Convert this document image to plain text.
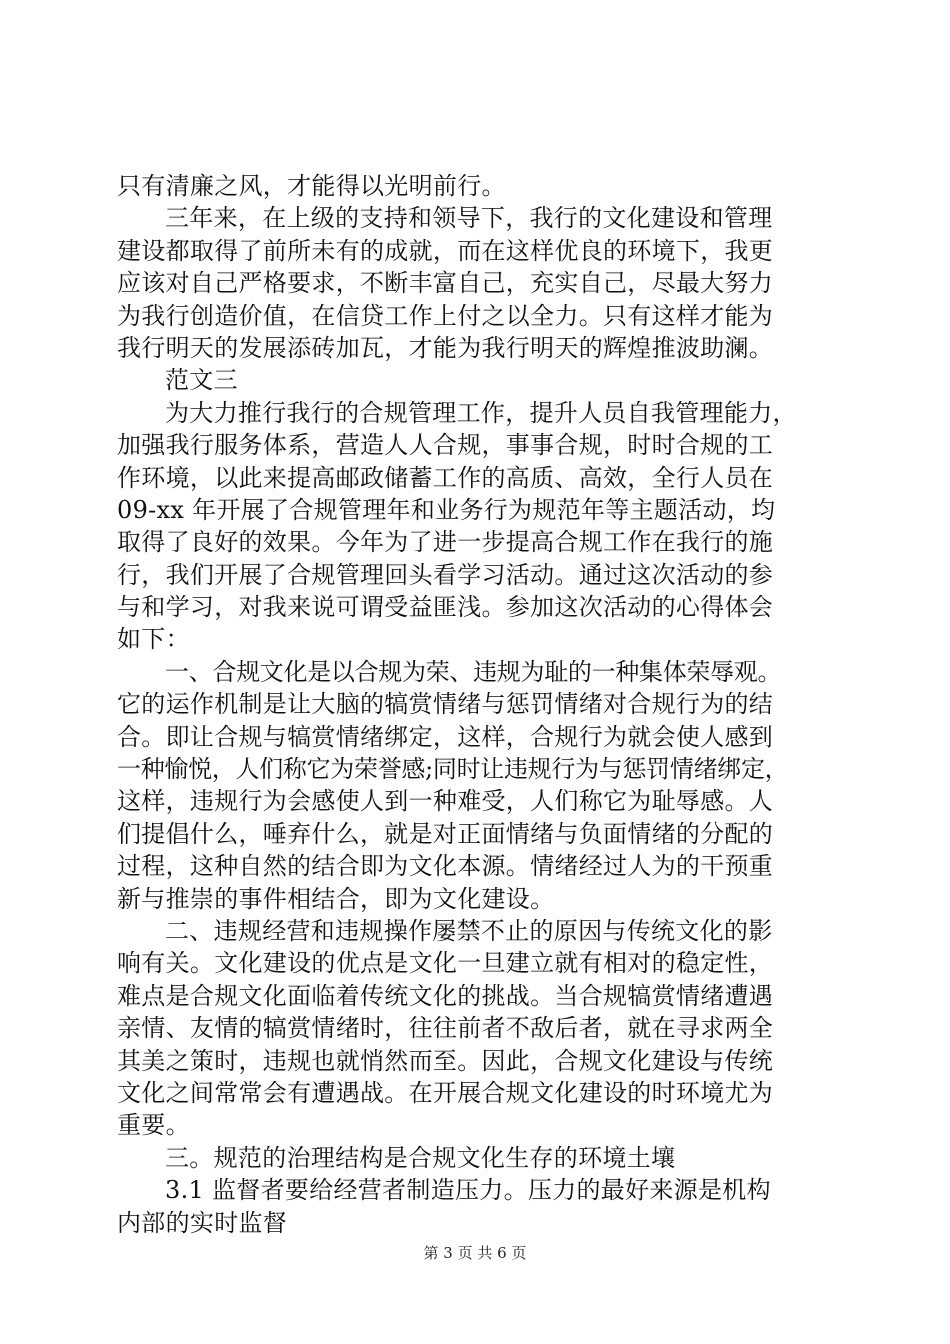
只有清廉之风，才能得以光明前行。
三年来，在上级的支持和领导下，我行的文化建设和管理
建设都取得了前所未有的成就，而在这样优良的环境下，我更
应该对自己严格要求，不断丰富自己，充实自己，尽最大努力
为我行创造价值，在信贷工作上付之以全力。只有这样才能为
我行明天的发展添砖加瓦，才能为我行明天的辉煌推波助澜。
范文三
为大力推行我行的合规管理工作，提升人员自我管理能力，
加强我行服务体系，营造人人合规，事事合规，时时合规的工
作环境，以此来提高邮政储蓄工作的高质、高效，全行人员在
09-xx 年开展了合规管理年和业务行为规范年等主题活动，均
取得了良好的效果。今年为了进一步提高合规工作在我行的施
行，我们开展了合规管理回头看学习活动。通过这次活动的参
与和学习，对我来说可谓受益匪浅。参加这次活动的心得体会
如下：
一、合规文化是以合规为荣、违规为耻的一种集体荣辱观。
它的运作机制是让大脑的犒赏情绪与惩罚情绪对合规行为的结
合。即让合规与犒赏情绪绑定，这样，合规行为就会使人感到
一种愉悦，人们称它为荣誉感;同时让违规行为与惩罚情绪绑定，
这样，违规行为会感使人到一种难受，人们称它为耻辱感。人
们提倡什么，唾弃什么，就是对正面情绪与负面情绪的分配的
过程，这种自然的结合即为文化本源。情绪经过人为的干预重
新与推崇的事件相结合，即为文化建设。
二、违规经营和违规操作屡禁不止的原因与传统文化的影
响有关。文化建设的优点是文化一旦建立就有相对的稳定性，
难点是合规文化面临着传统文化的挑战。当合规犒赏情绪遭遇
亲情、友情的犒赏情绪时，往往前者不敌后者，就在寻求两全
其美之策时，违规也就悄然而至。因此，合规文化建设与传统
文化之间常常会有遭遇战。在开展合规文化建设的时环境尤为
重要。
三。规范的治理结构是合规文化生存的环境土壤
3.1 监督者要给经营者制造压力。压力的最好来源是机构
内部的实时监督
第 3 页 共 6 页
